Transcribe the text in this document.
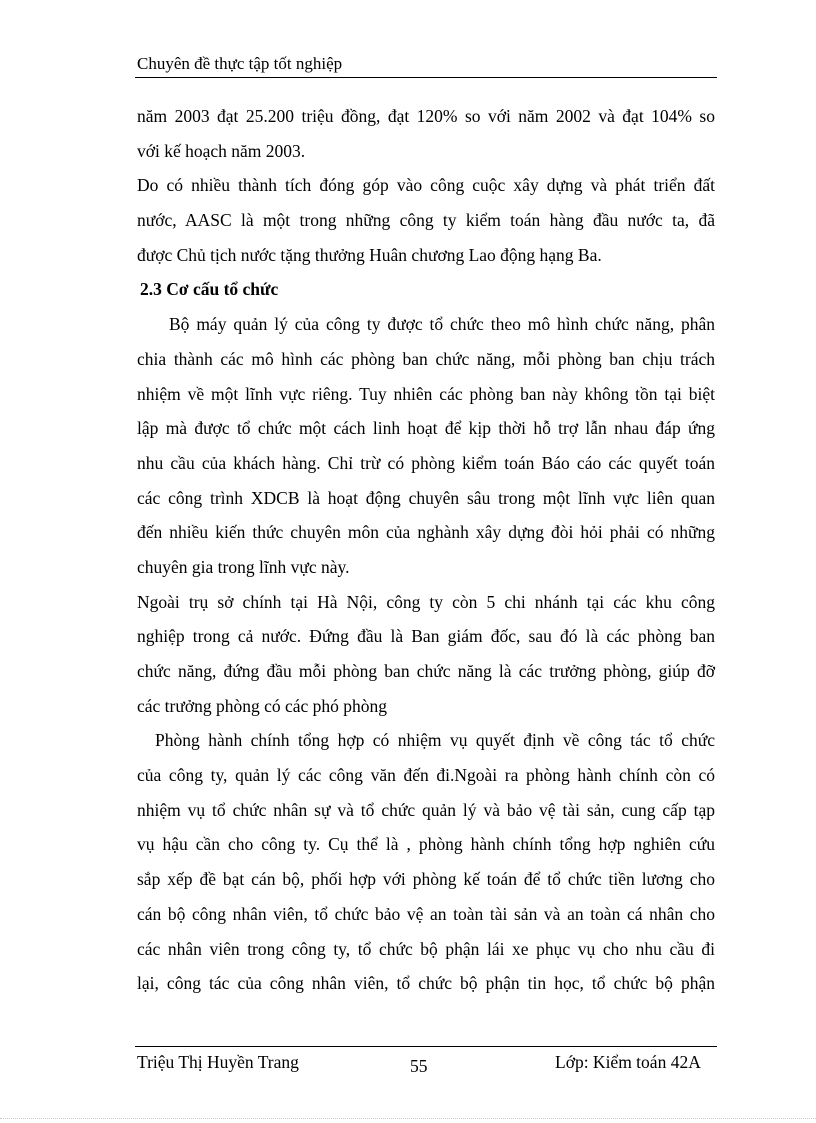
Chuyên đề thực tập tốt nghiệp
năm 2003 đạt 25.200 triệu đồng, đạt 120% so với năm 2002 và đạt 104% so
với kế hoạch năm 2003.
Do có nhiều thành tích đóng góp vào công cuộc xây dựng và phát triển đất
nước, AASC là một trong những công ty kiểm toán hàng đầu nước ta, đã
được Chủ tịch nước tặng thưởng Huân chương Lao động hạng Ba.
2.3 Cơ cấu tổ chức
Bộ máy quản lý của công ty được tổ chức theo mô hình chức năng, phân
chia thành các mô hình các phòng ban chức năng, mỗi phòng ban chịu trách
nhiệm về một lĩnh vực riêng. Tuy nhiên các phòng ban này không tồn tại biệt
lập mà được tổ chức một cách linh hoạt để kịp thời hỗ trợ lẫn nhau đáp ứng
nhu cầu của khách hàng. Chỉ trừ có phòng kiểm toán Báo cáo các quyết toán
các công trình XDCB là hoạt động chuyên sâu trong một lĩnh vực liên quan
đến nhiều kiến thức chuyên môn của nghành xây dựng đòi hỏi phải có những
chuyên gia trong lĩnh vực này.
Ngoài trụ sở chính tại Hà Nội, công ty còn 5 chi nhánh tại các khu công
nghiệp trong cả nước. Đứng đầu là Ban giám đốc, sau đó là các phòng ban
chức năng, đứng đầu mỗi phòng ban chức năng là các trưởng phòng, giúp đỡ
các trưởng phòng có các phó phòng
Phòng hành chính tổng hợp có nhiệm vụ quyết định về công tác tổ chức
của công ty, quản lý các công văn đến đi.Ngoài ra phòng hành chính còn có
nhiệm vụ tổ chức nhân sự và tổ chức quản lý và bảo vệ tài sản, cung cấp tạp
vụ hậu cần cho công ty. Cụ thể là , phòng hành chính tổng hợp nghiên cứu
sắp xếp đề bạt cán bộ, phối hợp với phòng kế toán để tổ chức tiền lương cho
cán bộ công nhân viên, tổ chức bảo vệ an toàn tài sản và an toàn cá nhân cho
các nhân viên trong công ty, tổ chức bộ phận lái xe phục vụ cho nhu cầu đi
lại, công tác của công nhân viên, tổ chức bộ phận tin học, tổ chức bộ phận
Triệu Thị Huyền Trang	55	Lớp: Kiểm toán 42A
